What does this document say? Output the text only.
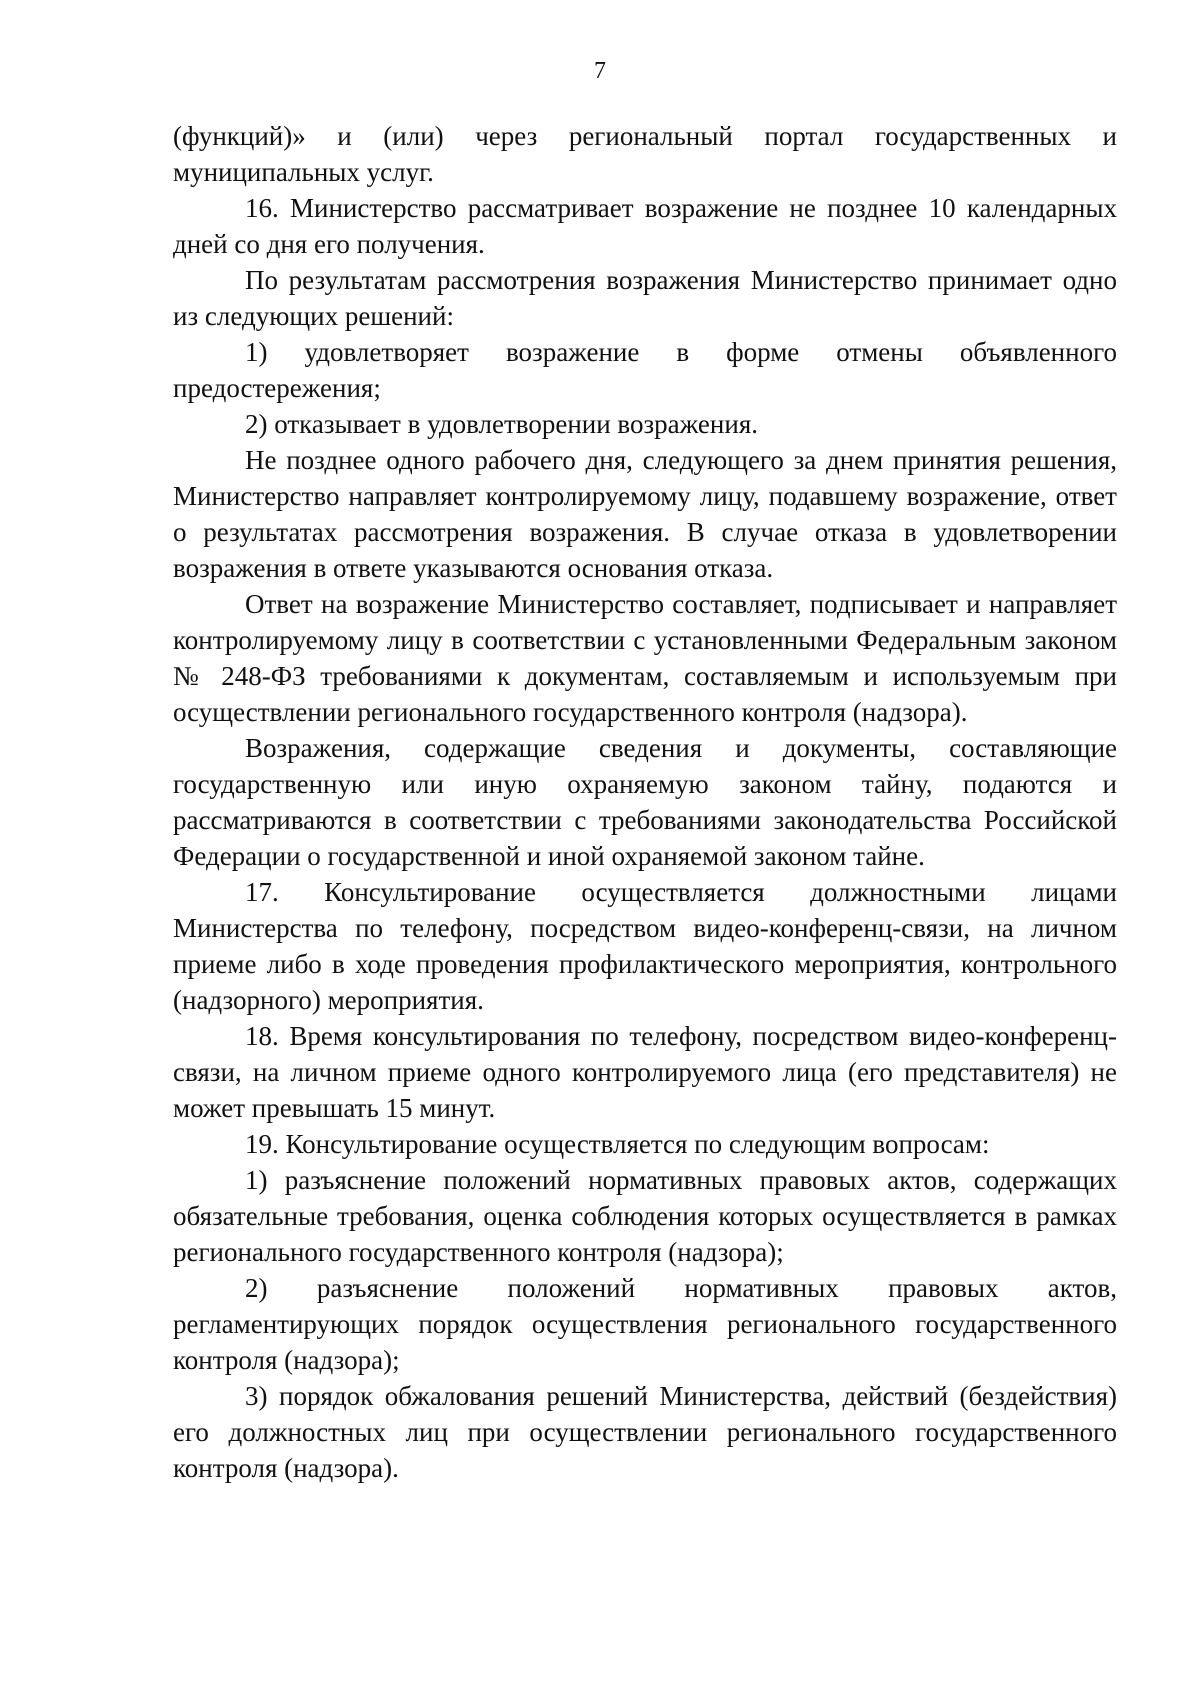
7

(функций)» и (или) через региональный портал государственных и муниципальных услуг.

16. Министерство рассматривает возражение не позднее 10 календарных дней со дня его получения.

По результатам рассмотрения возражения Министерство принимает одно из следующих решений:

1) удовлетворяет возражение в форме отмены объявленного предостережения;

2) отказывает в удовлетворении возражения.

Не позднее одного рабочего дня, следующего за днем принятия решения, Министерство направляет контролируемому лицу, подавшему возражение, ответ о результатах рассмотрения возражения. В случае отказа в удовлетворении возражения в ответе указываются основания отказа.

Ответ на возражение Министерство составляет, подписывает и направляет контролируемому лицу в соответствии с установленными Федеральным законом № 248-ФЗ требованиями к документам, составляемым и используемым при осуществлении регионального государственного контроля (надзора).

Возражения, содержащие сведения и документы, составляющие государственную или иную охраняемую законом тайну, подаются и рассматриваются в соответствии с требованиями законодательства Российской Федерации о государственной и иной охраняемой законом тайне.

17. Консультирование осуществляется должностными лицами Министерства по телефону, посредством видео-конференц-связи, на личном приеме либо в ходе проведения профилактического мероприятия, контрольного (надзорного) мероприятия.

18. Время консультирования по телефону, посредством видео-конференц-связи, на личном приеме одного контролируемого лица (его представителя) не может превышать 15 минут.

19. Консультирование осуществляется по следующим вопросам:

1) разъяснение положений нормативных правовых актов, содержащих обязательные требования, оценка соблюдения которых осуществляется в рамках регионального государственного контроля (надзора);

2) разъяснение положений нормативных правовых актов, регламентирующих порядок осуществления регионального государственного контроля (надзора);

3) порядок обжалования решений Министерства, действий (бездействия) его должностных лиц при осуществлении регионального государственного контроля (надзора).
